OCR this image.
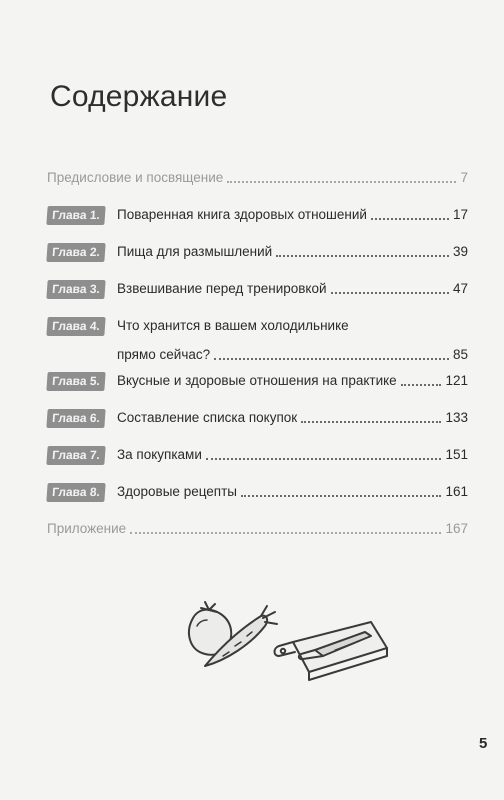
Содержание
Предисловие и посвящение	7
Глава 1.	Поваренная книга здоровых отношений	17
Глава 2.	Пища для размышлений	39
Глава 3.	Взвешивание перед тренировкой	47
Глава 4.	Что хранится в вашем холодильнике
прямо сейчас?	85
Глава 5.	Вкусные и здоровые отношения на практике	121
Глава 6.	Составление списка покупок	133
Глава 7.	За покупками	151
Глава 8.	Здоровые рецепты	161
Приложение	167
5
